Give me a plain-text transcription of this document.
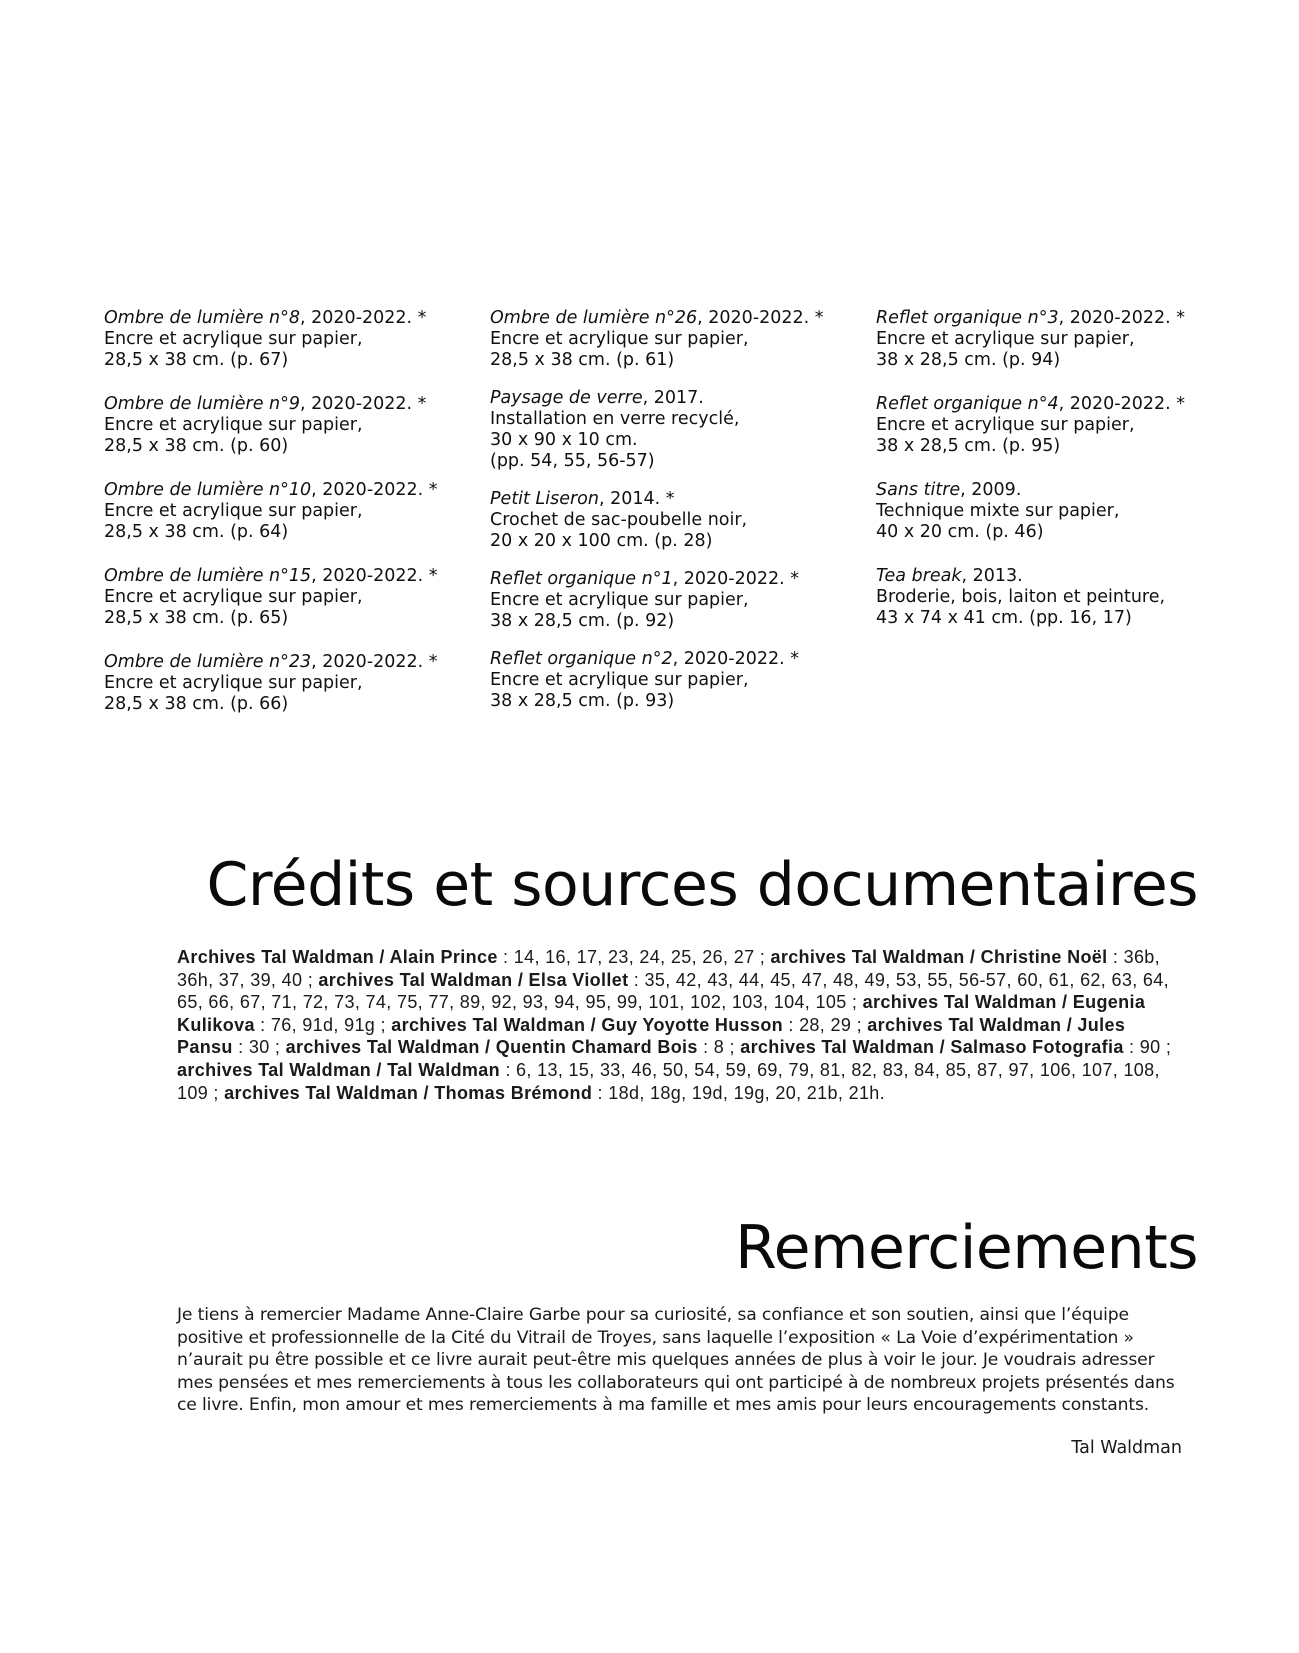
Ombre de lumière n°8, 2020-2022. *
Encre et acrylique sur papier,
28,5 x 38 cm. (p. 67)
Ombre de lumière n°9, 2020-2022. *
Encre et acrylique sur papier,
28,5 x 38 cm. (p. 60)
Ombre de lumière n°10, 2020-2022. *
Encre et acrylique sur papier,
28,5 x 38 cm. (p. 64)
Ombre de lumière n°15, 2020-2022. *
Encre et acrylique sur papier,
28,5 x 38 cm. (p. 65)
Ombre de lumière n°23, 2020-2022. *
Encre et acrylique sur papier,
28,5 x 38 cm. (p. 66)
Ombre de lumière n°26, 2020-2022. *
Encre et acrylique sur papier,
28,5 x 38 cm. (p. 61)
Paysage de verre, 2017.
Installation en verre recyclé,
30 x 90 x 10 cm.
(pp. 54, 55, 56-57)
Petit Liseron, 2014. *
Crochet de sac-poubelle noir,
20 x 20 x 100 cm. (p. 28)
Reflet organique n°1, 2020-2022. *
Encre et acrylique sur papier,
38 x 28,5 cm. (p. 92)
Reflet organique n°2, 2020-2022. *
Encre et acrylique sur papier,
38 x 28,5 cm. (p. 93)
Reflet organique n°3, 2020-2022. *
Encre et acrylique sur papier,
38 x 28,5 cm. (p. 94)
Reflet organique n°4, 2020-2022. *
Encre et acrylique sur papier,
38 x 28,5 cm. (p. 95)
Sans titre, 2009.
Technique mixte sur papier,
40 x 20 cm. (p. 46)
Tea break, 2013.
Broderie, bois, laiton et peinture,
43 x 74 x 41 cm. (pp. 16, 17)
Crédits et sources documentaires
Archives Tal Waldman / Alain Prince : 14, 16, 17, 23, 24, 25, 26, 27 ; archives Tal Waldman / Christine Noël : 36b, 36h, 37, 39, 40 ; archives Tal Waldman / Elsa Viollet : 35, 42, 43, 44, 45, 47, 48, 49, 53, 55, 56-57, 60, 61, 62, 63, 64, 65, 66, 67, 71, 72, 73, 74, 75, 77, 89, 92, 93, 94, 95, 99, 101, 102, 103, 104, 105 ; archives Tal Waldman / Eugenia Kulikova : 76, 91d, 91g ; archives Tal Waldman / Guy Yoyotte Husson : 28, 29 ; archives Tal Waldman / Jules Pansu : 30 ; archives Tal Waldman / Quentin Chamard Bois : 8 ; archives Tal Waldman / Salmaso Fotografia : 90 ; archives Tal Waldman / Tal Waldman : 6, 13, 15, 33, 46, 50, 54, 59, 69, 79, 81, 82, 83, 84, 85, 87, 97, 106, 107, 108, 109 ; archives Tal Waldman / Thomas Brémond : 18d, 18g, 19d, 19g, 20, 21b, 21h.
Remerciements
Je tiens à remercier Madame Anne-Claire Garbe pour sa curiosité, sa confiance et son soutien, ainsi que l’équipe positive et professionnelle de la Cité du Vitrail de Troyes, sans laquelle l’exposition « La Voie d’expérimentation » n’aurait pu être possible et ce livre aurait peut-être mis quelques années de plus à voir le jour. Je voudrais adresser mes pensées et mes remerciements à tous les collaborateurs qui ont participé à de nombreux projets présentés dans ce livre. Enfin, mon amour et mes remerciements à ma famille et mes amis pour leurs encouragements constants.
Tal Waldman
